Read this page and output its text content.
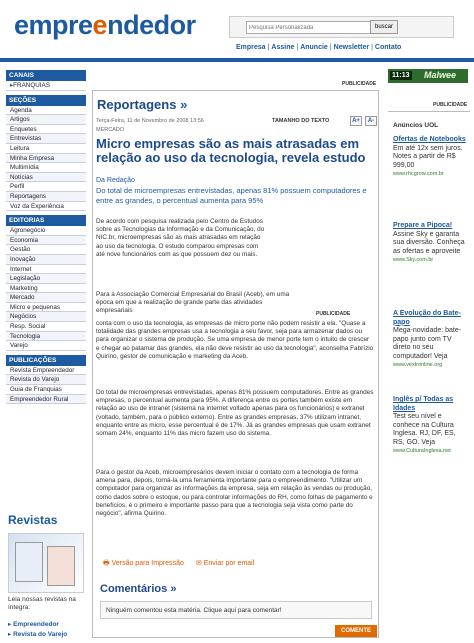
empreendedor
Pesquisa Personalizada	buscar
Empresa | Assine | Anuncie | Newsletter | Contato
CANAIS
▸ FRANQUIAS
SEÇÕES
Agenda
Artigos
Enquetes
Entrevistas
Leitura
Minha Empresa
Multimídia
Notícias
Perfil
Reportagens
Voz da Experiência
EDITORIAS
Agronegócio
Economia
Gestão
Inovação
Internet
Legislação
Marketing
Mercado
Micro e pequenas
Negócios
Resp. Social
Tecnologia
Varejo
PUBLICAÇÕES
Revista Empreendedor
Revista do Varejo
Guia de Franquias
Empreendedor Rural
Revistas
Leia nossas revistas na íntegra:
▸ Empreendedor
▸ Revista do Varejo
PUBLICIDADE
Reportagens »
Terça-Feira, 11 de Novembro de 2008 13:56
MERCADO
TAMANHO DO TEXTO	A+	A-
Micro empresas são as mais atrasadas em relação ao uso da tecnologia, revela estudo
Da Redação
Do total de microempresas entrevistadas, apenas 81% possuem computadores e entre as grandes, o percentual aumenta para 95%
De acordo com pesquisa realizada pelo Centro de Estudos sobre as Tecnologias da Informação e da Comunicação, do NIC.br, microempresas são as mais atrasadas em relação ao uso da tecnologia. O estudo comparou empresas com até nove funcionários com as que possuem dez ou mais.
Para a Associação Comercial Empresarial do Brasil (Aceb), em uma época em que a realização de grande parte das atividades empresariais	PUBLICIDADE
conta com o uso da tecnologia, as empresas de micro porte não podem resistir a ela. "Quase a totalidade das grandes empresas usa a tecnologia a seu favor, seja para armazenar dados ou para organizar o sistema de produção. Se uma empresa de menor porte tem o intuito de crescer e chegar ao patamar das grandes, ela não deve resistir ao uso da tecnologia", aconselha Fabrízio Quirino, gestor de comunicação e marketing da Aceb.
Do total de microempresas entrevistadas, apenas 81% possuem computadores. Entre as grandes empresas, o percentual aumenta para 95%. A diferença entre os portes também existe em relação ao uso de intranet (sistema na internet voltado apenas para os funcionários) e extranet (voltado, também, para o público externo). Entre as grandes empresas, 37% utilizam intranet, enquanto entre as micro, esse percentual é de 17%. Já as grandes empresas que usam extranet somam 24%, enquanto 11% das micro fazem uso do sistema.
Para o gestor da Aceb, microempresários devem iniciar o contato com a tecnologia de forma amena para, depois, torná-la uma ferramenta importante para o empreendimento. "Utilizar um computador para organizar as informações da empresa, seja em relação às vendas ou produção, como dados sobre o estoque, ou para controlar informações do RH, como folhas de pagamento e benefícios, é o primeiro e importante passo para que a tecnologia seja vista como parte do negócio", afirma Quirino.
🖶 Versão para Impressão ✉ Enviar por email
Comentários »
Ninguém comentou esta matéria. Clique aqui para comentar!
COMENTE
11:13 Malwee
PUBLICIDADE
Anúncios UOL
Ofertas de Notebooks
Em até 12x sem juros. Notes a partir de R$ 999,00
www.rhcgrow.com.br
Prepare a Pipoca!
Assine Sky e garanta sua diversão. Conheça as ofertas e aproveite
www.Sky.com.br
A Evolução do Bate-papo
Mega-novidade: bate-papo junto com TV direto no seu computador! Veja
www.vextronline.org
Inglês p/ Todas as Idades
Test seu nível e conhece na Cultura Inglesa. RJ, DF, ES, RS, GO. Veja
www.CulturaInglesa.net
